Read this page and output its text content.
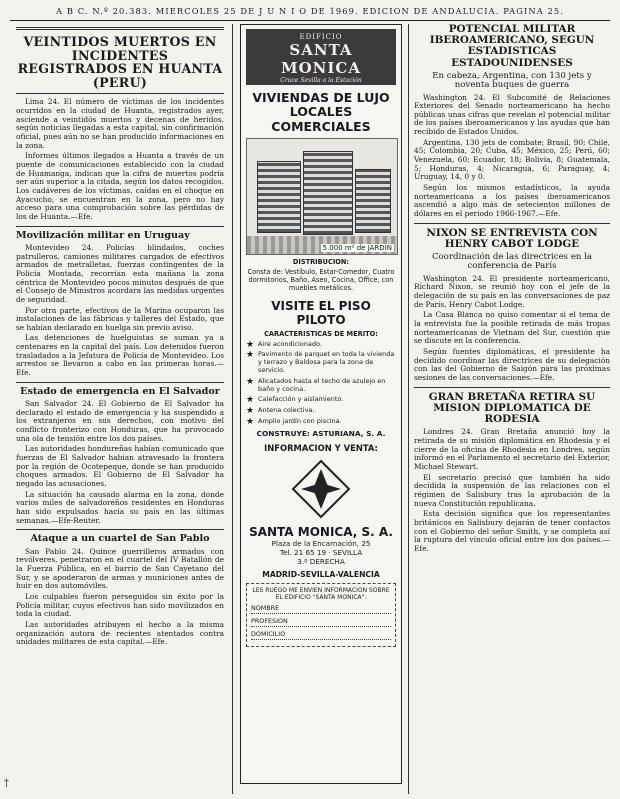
A B C. N.º 20.383. MIERCOLES 25 DE J U N I O DE 1969. EDICION DE ANDALUCIA. PAGINA 25.
VEINTIDOS MUERTOS EN INCIDENTES REGISTRADOS EN HUANTA (PERU)

Lima 24. El número de víctimas de los incidentes ocurridos en la ciudad de Huanta, registrados ayer, asciende a veintidós muertos y decenas de heridos, según noticias llegadas a esta capital, sin confirmación oficial, pues aún no se han producido informaciones en la zona.

Informes últimos llegados a Huanta a través de un puente de comunicaciones establecido con la ciudad de Huamanga, indican que la cifra de muertos podría ser aún superior a la citada, según los datos recogidos. Los cadáveres de los víctimas, caídas en el choque en Ayacucho, se encuentran en la zona, pero no hay acceso para una comprobación sobre las pérdidas de los de Huanta.—Efe.

Movilización militar en Uruguay

Montevideo 24. Policías blindados, coches patrulleros, camiones militares cargados de efectivos armados de metralletas, fuerzas contingentes de la Policía Montada, recorrían esta mañana la zona céntrica de Montevideo pocos minutos después de que el Consejo de Ministros acordara las medidas urgentes de seguridad.

Por otra parte, efectivos de la Marina ocuparon las instalaciones de las fábricas y talleres del Estado, que se habían declarado en huelga sin previo aviso.

Las detenciones de huelguistas se suman ya a centenares en la capital del país. Los detenidos fueron trasladados a la Jefatura de Policía de Montevideo. Los arrestos se llevaron a cabo en las primeras horas.—Efe.

Estado de emergencia en El Salvador

San Salvador 24. El Gobierno de El Salvador ha declarado el estado de emergencia y ha suspendido a los extranjeros en sus derechos, con motivo del conflicto fronterizo con Honduras, que ha provocado una ola de tensión entre los dos países.

Las autoridades hondureñas habían comunicado que fuerzas de El Salvador habían atravesado la frontera por la región de Ocotepeque, donde se han producido choques armados. El Gobierno de El Salvador ha negado las acusaciones.

La situación ha causado alarma en la zona, donde varios miles de salvadoreños residentes en Honduras han sido expulsados hacia su país en las últimas semanas.—Efe-Reuter.

Ataque a un cuartel de San Pablo

San Pablo 24. Quince guerrilleros armados con revólveres, penetraron en el cuartel del IV Batallón de la Fuerza Pública, en el barrio de San Cayetano del Sur, y se apoderaron de armas y municiones antes de huir en dos automóviles.

Los culpables fueron perseguidos sin éxito por la Policía militar, cuyos efectivos han sido movilizados en toda la ciudad.

Las autoridades atribuyen el hecho a la misma organización autora de recientes atentados contra unidades militares de esta capital.—Efe.

EDIFICIO
SANTA MONICA
Cruce Sevilla a la Estación
VIVIENDAS DE LUJO
LOCALES COMERCIALES
5.000 m² de JARDIN
DISTRIBUCION:
Consta de: Vestíbulo, Estar-Comedor, Cuatro dormitorios, Baño, Aseo, Cocina, Office, con muebles metálicos.
VISITE EL PISO PILOTO
CARACTERISTICAS DE MERITO:
★ Aire acondicionado.
★ Pavimento de parquet en toda la vivienda y terrazo y Baldosa para la zona de servicio.
★ Alicatados hasta el techo de azulejo en baño y cocina.
★ Calefacción y aislamiento.
★ Antena colectiva.
★ Amplio jardín con piscina.
CONSTRUYE: ASTURIANA, S. A.
INFORMACION Y VENTA:
SANTA MONICA, S. A.
Plaza de la Encarnación, 25
Tel. 21 65 19 · SEVILLA
3.º DERECHA
MADRID-SEVILLA-VALENCIA
LES RUEGO ME ENVIEN INFORMACION SOBRE EL EDIFICIO "SANTA MONICA".
NOMBRE
PROFESION
DOMICILIO
POTENCIAL MILITAR IBEROAMERICANO, SEGUN ESTADISTICAS ESTADOUNIDENSES
En cabeza, Argentina, con 130 jets y noventa buques de guerra

Washington 24. El Subcomité de Relaciones Exteriores del Senado norteamericano ha hecho públicas unas cifras que revelan el potencial militar de los países iberoamericanos y las ayudas que han recibido de Estados Unidos.

Argentina, 130 jets de combate; Brasil, 90; Chile, 45; Colombia, 20; Cuba, 45; México, 25; Perú, 60; Venezuela, 60; Ecuador, 18; Bolivia, 8; Guatemala, 5; Honduras, 4; Nicaragua, 6; Paraguay, 4; Uruguay, 14, 0 y 0.

Según los mismos estadísticos, la ayuda norteamericana a los países iberoamericanos ascendió a algo más de setecientos millones de dólares en el periodo 1966-1967.—Efe.

NIXON SE ENTREVISTA CON HENRY CABOT LODGE
Coordinación de las directrices en la conferencia de París

Washington 24. El presidente norteamericano, Richard Nixon, se reunió hoy con el jefe de la delegación de su país en las conversaciones de paz de París, Henry Cabot Lodge.

La Casa Blanca no quiso comentar si el tema de la entrevista fue la posible retirada de más tropas norteamericanas de Vietnam del Sur, cuestión que se discute en la conferencia.

Según fuentes diplomáticas, el presidente ha decidido coordinar las directrices de su delegación con las del Gobierno de Saigón para las próximas sesiones de las conversaciones.—Efe.

GRAN BRETAÑA RETIRA SU MISION DIPLOMATICA DE RODESIA

Londres 24. Gran Bretaña anunció hoy la retirada de su misión diplomática en Rhodesia y el cierre de la oficina de Rhodesia en Londres, según informó en el Parlamento el secretario del Exterior, Michael Stewart.

El secretario precisó que también ha sido decidida la suspensión de las relaciones con el régimen de Salisbury tras la aprobación de la nueva Constitución republicana.

Esta decisión significa que los representantes británicos en Salisbury dejarán de tener contactos con el Gobierno del señor Smith, y se completa así la ruptura del vínculo oficial entre los dos países.—Efe.

†
